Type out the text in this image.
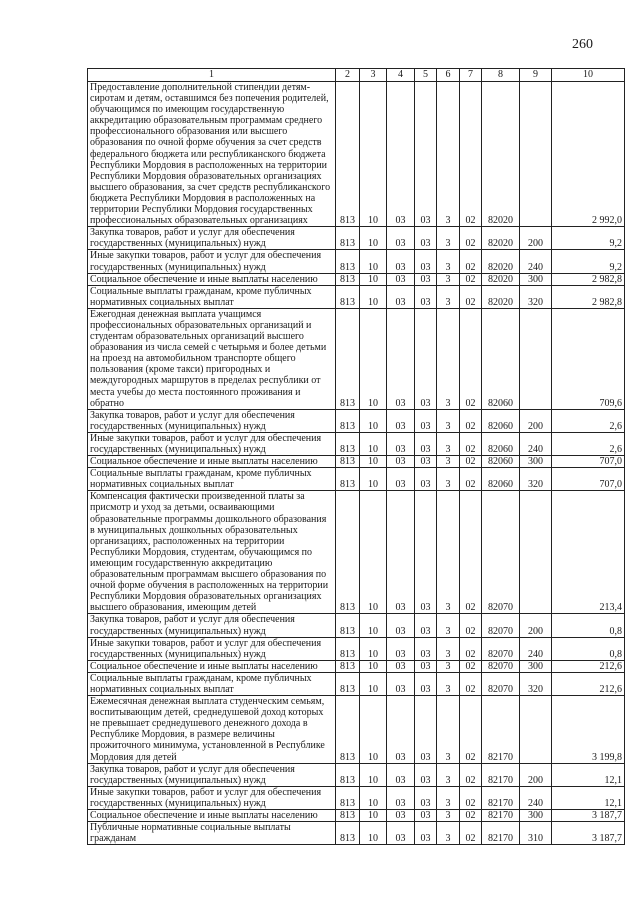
260
1	2	3	4	5	6	7	8	9	10
Предоставление дополнительной стипендии детям-сиротам и детям, оставшимся без попечения родителей, обучающимся по имеющим государственную аккредитацию образовательным программам среднего профессионального образования или высшего образования по очной форме обучения за счет средств федерального бюджета или республиканского бюджета Республики Мордовия в расположенных на территории Республики Мордовия образовательных организациях высшего образования, за счет средств республиканского бюджета Республики Мордовия в расположенных на территории Республики Мордовия государственных профессиональных образовательных организациях	813	10	03	03	3	02	82020		2 992,0
Закупка товаров, работ и услуг для обеспечения государственных (муниципальных) нужд	813	10	03	03	3	02	82020	200	9,2
Иные закупки товаров, работ и услуг для обеспечения государственных (муниципальных) нужд	813	10	03	03	3	02	82020	240	9,2
Социальное обеспечение и иные выплаты населению	813	10	03	03	3	02	82020	300	2 982,8
Социальные выплаты гражданам, кроме публичных нормативных социальных выплат	813	10	03	03	3	02	82020	320	2 982,8
Ежегодная денежная выплата учащимся профессиональных образовательных организаций и студентам образовательных организаций высшего образования из числа семей с четырьмя и более детьми на проезд на автомобильном транспорте общего пользования (кроме такси) пригородных и междугородных маршрутов в пределах республики от места учебы до места постоянного проживания и обратно	813	10	03	03	3	02	82060		709,6
Закупка товаров, работ и услуг для обеспечения государственных (муниципальных) нужд	813	10	03	03	3	02	82060	200	2,6
Иные закупки товаров, работ и услуг для обеспечения государственных (муниципальных) нужд	813	10	03	03	3	02	82060	240	2,6
Социальное обеспечение и иные выплаты населению	813	10	03	03	3	02	82060	300	707,0
Социальные выплаты гражданам, кроме публичных нормативных социальных выплат	813	10	03	03	3	02	82060	320	707,0
Компенсация фактически произведенной платы за присмотр и уход за детьми, осваивающими образовательные программы дошкольного образования в муниципальных дошкольных образовательных организациях, расположенных на территории Республики Мордовия, студентам, обучающимся по имеющим государственную аккредитацию образовательным программам высшего образования по очной форме обучения в расположенных на территории Республики Мордовия образовательных организациях высшего образования, имеющим детей	813	10	03	03	3	02	82070		213,4
Закупка товаров, работ и услуг для обеспечения государственных (муниципальных) нужд	813	10	03	03	3	02	82070	200	0,8
Иные закупки товаров, работ и услуг для обеспечения государственных (муниципальных) нужд	813	10	03	03	3	02	82070	240	0,8
Социальное обеспечение и иные выплаты населению	813	10	03	03	3	02	82070	300	212,6
Социальные выплаты гражданам, кроме публичных нормативных социальных выплат	813	10	03	03	3	02	82070	320	212,6
Ежемесячная денежная выплата студенческим семьям, воспитывающим детей, среднедушевой доход которых не превышает среднедушевого денежного дохода в Республике Мордовия, в размере величины прожиточного минимума, установленной в Республике Мордовия для детей	813	10	03	03	3	02	82170		3 199,8
Закупка товаров, работ и услуг для обеспечения государственных (муниципальных) нужд	813	10	03	03	3	02	82170	200	12,1
Иные закупки товаров, работ и услуг для обеспечения государственных (муниципальных) нужд	813	10	03	03	3	02	82170	240	12,1
Социальное обеспечение и иные выплаты населению	813	10	03	03	3	02	82170	300	3 187,7
Публичные нормативные социальные выплаты гражданам	813	10	03	03	3	02	82170	310	3 187,7
